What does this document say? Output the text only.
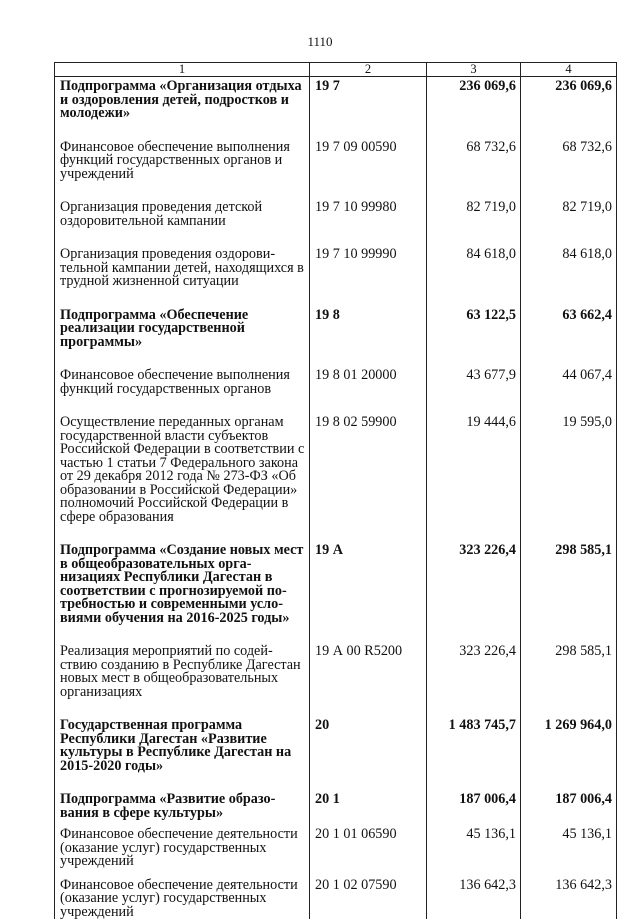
1110
1	2	3	4
Подпрограмма «Организация отдыха и оздоровления детей, подростков и молодежи»	19 7	236 069,6	236 069,6
Финансовое обеспечение выполнения функций государственных органов и учреждений	19 7 09 00590	68 732,6	68 732,6
Организация проведения детской оздоровительной кампании	19 7 10 99980	82 719,0	82 719,0
Организация проведения оздоровительной кампании детей, находящихся в трудной жизненной ситуации	19 7 10 99990	84 618,0	84 618,0
Подпрограмма «Обеспечение реализации государственной программы»	19 8	63 122,5	63 662,4
Финансовое обеспечение выполнения функций государственных органов	19 8 01 20000	43 677,9	44 067,4
Осуществление переданных органам государственной власти субъектов Российской Федерации в соответствии с частью 1 статьи 7 Федерального закона от 29 декабря 2012 года № 273-ФЗ «Об образовании в Российской Федерации» полномочий Российской Федерации в сфере образования	19 8 02 59900	19 444,6	19 595,0
Подпрограмма «Создание новых мест в общеобразовательных организациях Республики Дагестан в соответствии с прогнозируемой потребностью и современными условиями обучения на 2016-2025 годы»	19 А	323 226,4	298 585,1
Реализация мероприятий по содействию созданию в Республике Дагестан новых мест в общеобразовательных организациях	19 А 00 R5200	323 226,4	298 585,1
Государственная программа Республики Дагестан «Развитие культуры в Республике Дагестан на 2015-2020 годы»	20	1 483 745,7	1 269 964,0
Подпрограмма «Развитие образования в сфере культуры»	20 1	187 006,4	187 006,4
Финансовое обеспечение деятельности (оказание услуг) государственных учреждений	20 1 01 06590	45 136,1	45 136,1
Финансовое обеспечение деятельности (оказание услуг) государственных учреждений	20 1 02 07590	136 642,3	136 642,3
